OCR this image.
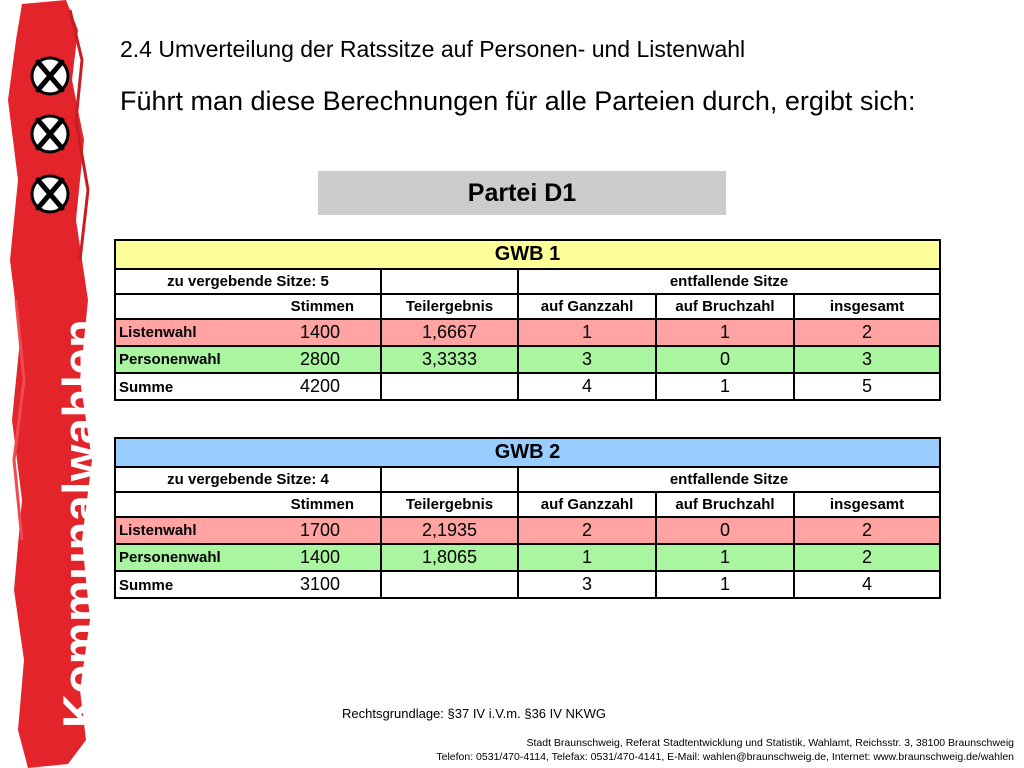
Kommunalwahlen
2.4 Umverteilung der Ratssitze auf Personen- und Listenwahl
Führt man diese Berechnungen für alle Parteien durch, ergibt sich:
Partei D1
GWB 1				
zu vergebende Sitze: 5		entfallende Sitze		
Stimmen	Teilergebnis	auf Ganzzahl	auf Bruchzahl	insgesamt

Listenwahl 1400	1,6667	1	1	2

Personenwahl 2800	3,3333	3	0	3

Summe 4200		4	1	5
GWB 2				
zu vergebende Sitze: 4		entfallende Sitze		
Stimmen	Teilergebnis	auf Ganzzahl	auf Bruchzahl	insgesamt

Listenwahl 1700	2,1935	2	0	2

Personenwahl 1400	1,8065	1	1	2

Summe 3100		3	1	4
Rechtsgrundlage: §37 IV i.V.m. §36 IV NKWG
Stadt Braunschweig, Referat Stadtentwicklung und Statistik, Wahlamt, Reichsstr. 3, 38100 Braunschweig
Telefon: 0531/470-4114, Telefax: 0531/470-4141, E-Mail: wahlen@braunschweig.de, Internet: www.braunschweig.de/wahlen
